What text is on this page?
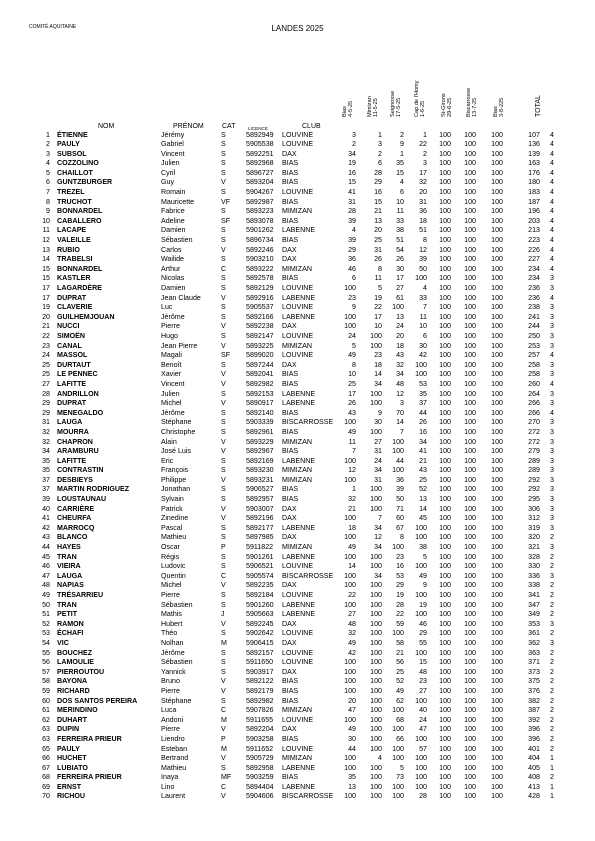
COMITÉ AQUITAINE	LANDES 2025
NOM	PRÉNOM	CAT	LICENCE	CLUB
Bias 4-5-25 Mimizan 11-5-25 Seignosse 17-5-25 Cap de l'Homy 1-6-25	St-Girons 29-6-25 Biscarrosse 13-7-25	Bias 3-8-225	TOTAL
1 ÉTIENNE	Jérémy	S	5892949 LOUVINE	3	1	2	1	100	100	100	107 4
2 PAULY	Gabriel	S	5905538 LOUVINE	2	3	9	22	100	100	100	136 4
3 SUBSOL	Vincent	S	5892251 DAX	34	2	1	2	100	100	100	139 4
4 COZZOLINO	Julien	S	5892968 BIAS	19	6	35	3	100	100	100	163 4
5 CHAILLOT	Cyril	S	5896727 BIAS	16	28	15	17	100	100	100	176 4
6 GUNTZBURGER	Guy	V	5893204 BIAS	15	29	4	32	100	100	100	180 4
7 TREZEL	Romain	S	5904267 LOUVINE	41	16	6	20	100	100	100	183 4
8 TRUCHOT	Mauricette	VF 5892987 BIAS	31	15	10	31	100	100	100	187 4
9 BONNARDEL	Fabrice	S	5893223 MIMIZAN	28	21	11	36	100	100	100	196 4
10 CABALLERO	Adeline	SF 5893078 BIAS	39	13	33	18	100	100	100	203 4
11 LACAPE	Damien	S	5901262 LABENNE	4	20	38	51	100	100	100	213 4
12 VALEILLE	Sébastien	S	5896734 BIAS	39	25	51	8	100	100	100	223 4
13 RUBIO	Carlos	V	5892246 DAX	29	31	54	12	100	100	100	226 4
14 TRABELSI	Wailide	S	5903210 DAX	36	26	26	39	100	100	100	227 4
15 BONNARDEL	Arthur	C	5893222 MIMIZAN	46	8	30	50	100	100	100	234 4
15 KASTLER	Nicolas	S	5892578 BIAS	6	11	17	100	100	100	100	234 3
17 LAGARDÈRE	Damien	S	5892129 LOUVINE	100	5	27	4	100	100	100	236 3
17 DUPRAT	Jean Claude	V	5892916 LABENNE	23	19	61	33	100	100	100	236 4
19 CLAVERIE	Luc	S	5905537 LOUVINE	9	22	100	7	100	100	100	238 3
20 GUILHEMJOUAN	Jérôme	S	5892166 LABENNE	100	17	13	11	100	100	100	241 3
21 NUCCI	Pierre	V	5892238 DAX	100	10	24	10	100	100	100	244 3
22 SIMOËN	Hugo	S	5892147 LOUVINE	24	100	20	6	100	100	100	250 3
23 CANAL	Jean Pierre	V	5893225 MIMIZAN	5	100	18	30	100	100	100	253 3
24 MASSOL	Magali	SF 5899020 LOUVINE	49	23	43	42	100	100	100	257 4
25 DURTAUT	Benoît	S	5897244 DAX	8	18	32	100	100	100	100	258 3
25 LE PENNEC	Xavier	V	5892041 BIAS	10	14	34	100	100	100	100	258 3
27 LAFITTE	Vincent	V	5892982 BIAS	25	34	48	53	100	100	100	260 4
28 ANDRILLON	Julien	S	5892153 LABENNE	17	100	12	35	100	100	100	264 3
29 DUPRAT	Michel	V	5890917 LABENNE	26	100	3	37	100	100	100	266 3
29 MENEGALDO	Jérôme	S	5892140 BIAS	43	9	70	44	100	100	100	266 4
31 LAUGA	Stéphane	S	5903339 BISCARROSSE	100	30	14	26	100	100	100	270 3
32 MOURRA	Christophe	S	5892961 BIAS	49	100	7	16	100	100	100	272 3
32 CHAPRON	Alain	V	5893229 MIMIZAN	11	27	100	34	100	100	100	272 3
34 ARAMBURU	José Luis	V	5892967 BIAS	7	31	100	41	100	100	100	279 3
35 LAFITTE	Eric	S	5892169 LABENNE	100	24	44	21	100	100	100	289 3
35 CONTRASTIN	François	S	5893230 MIMIZAN	12	34	100	43	100	100	100	289 3
37 DESBIEYS	Philippe	V	5893231 MIMIZAN	100	31	36	25	100	100	100	292 3
37 MARTIN RODRIGUEZ	Jonathan	S	5906527 BIAS	1	100	39	52	100	100	100	292 3
39 LOUSTAUNAU	Sylvain	S	5892957 BIAS	32	100	50	13	100	100	100	295 3
40 CARRIÈRE	Patrick	V	5903007 DAX	21	100	71	14	100	100	100	306 3
41 CHEURFA	Zinedine	V	5892196 DAX	100	7	60	45	100	100	100	312 3
42 MARROCQ	Pascal	S	5892177 LABENNE	18	34	67	100	100	100	100	319 3
43 BLANCO	Mathieu	S	5897985 DAX	100	12	8	100	100	100	100	320 2
44 HAYES	Oscar	P	5911822 MIMIZAN	49	34	100	38	100	100	100	321 3
45 TRAN	Régis	S	5901261 LABENNE	100	100	23	5	100	100	100	328 2
46 VIEIRA	Ludovic	S	5906521 LOUVINE	14	100	16	100	100	100	100	330 2
47 LAUGA	Quentin	C	5905574 BISCARROSSE	100	34	53	49	100	100	100	336 3
48 NAPIAS	Michel	V	5892235 DAX	100	100	29	9	100	100	100	338 2
49 TRÉSARRIEU	Pierre	S	5892184 LOUVINE	22	100	19	100	100	100	100	341 2
50 TRAN	Sébastien	S	5901260 LABENNE	100	100	28	19	100	100	100	347 2
51 PETIT	Mathis	J	5905663 LABENNE	27	100	22	100	100	100	100	349 2
52 RAMON	Hubert	V	5892245 DAX	48	100	59	46	100	100	100	353 3
53 ÉCHAFI	Théo	S	5902642 LOUVINE	32	100	100	29	100	100	100	361 2
54 VIC	Nolhan	M	5906415 DAX	49	100	58	55	100	100	100	362 3
55 BOUCHEZ	Jérôme	S	5892157 LOUVINE	42	100	21	100	100	100	100	363 2
56 LAMOULIE	Sébastien	S	5911650 LOUVINE	100	100	56	15	100	100	100	371 2
57 PIERROUTOU	Yannick	S	5903917 DAX	100	100	25	48	100	100	100	373 2
58 BAYONA	Bruno	V	5892122 BIAS	100	100	52	23	100	100	100	375 2
59 RICHARD	Pierre	V	5892179 BIAS	100	100	49	27	100	100	100	376 2
60 DOS SANTOS PEREIRA	Stéphane	S	5892982 BIAS	20	100	62	100	100	100	100	382 2
61 MERINDINO	Luca	C	5907826 MIMIZAN	47	100	100	40	100	100	100	387 2
62 DUHART	Andoni	M	5911655 LOUVINE	100	100	68	24	100	100	100	392 2
63 DUPIN	Pierre	V	5892204 DAX	49	100	100	47	100	100	100	396 2
63 FERREIRA PRIEUR	Liendro	P	5903258 BIAS	30	100	66	100	100	100	100	396 2
65 PAULY	Esteban	M	5911652 LOUVINE	44	100	100	57	100	100	100	401 2
66 HUCHET	Bertrand	V	5905729 MIMIZAN	100	4	100	100	100	100	100	404 1
67 LUBIATO	Mathieu	S	5892958 LABENNE	100	100	5	100	100	100	100	405 1
68 FERREIRA PRIEUR	Inaya	MF 5903259 BIAS	35	100	73	100	100	100	100	408 2
69 ERNST	Lino	C	5894404 LABENNE	13	100	100	100	100	100	100	413 1
70 RICHOU	Laurent	V	5904606 BISCARROSSE	100	100	100	28	100	100	100	428 1
